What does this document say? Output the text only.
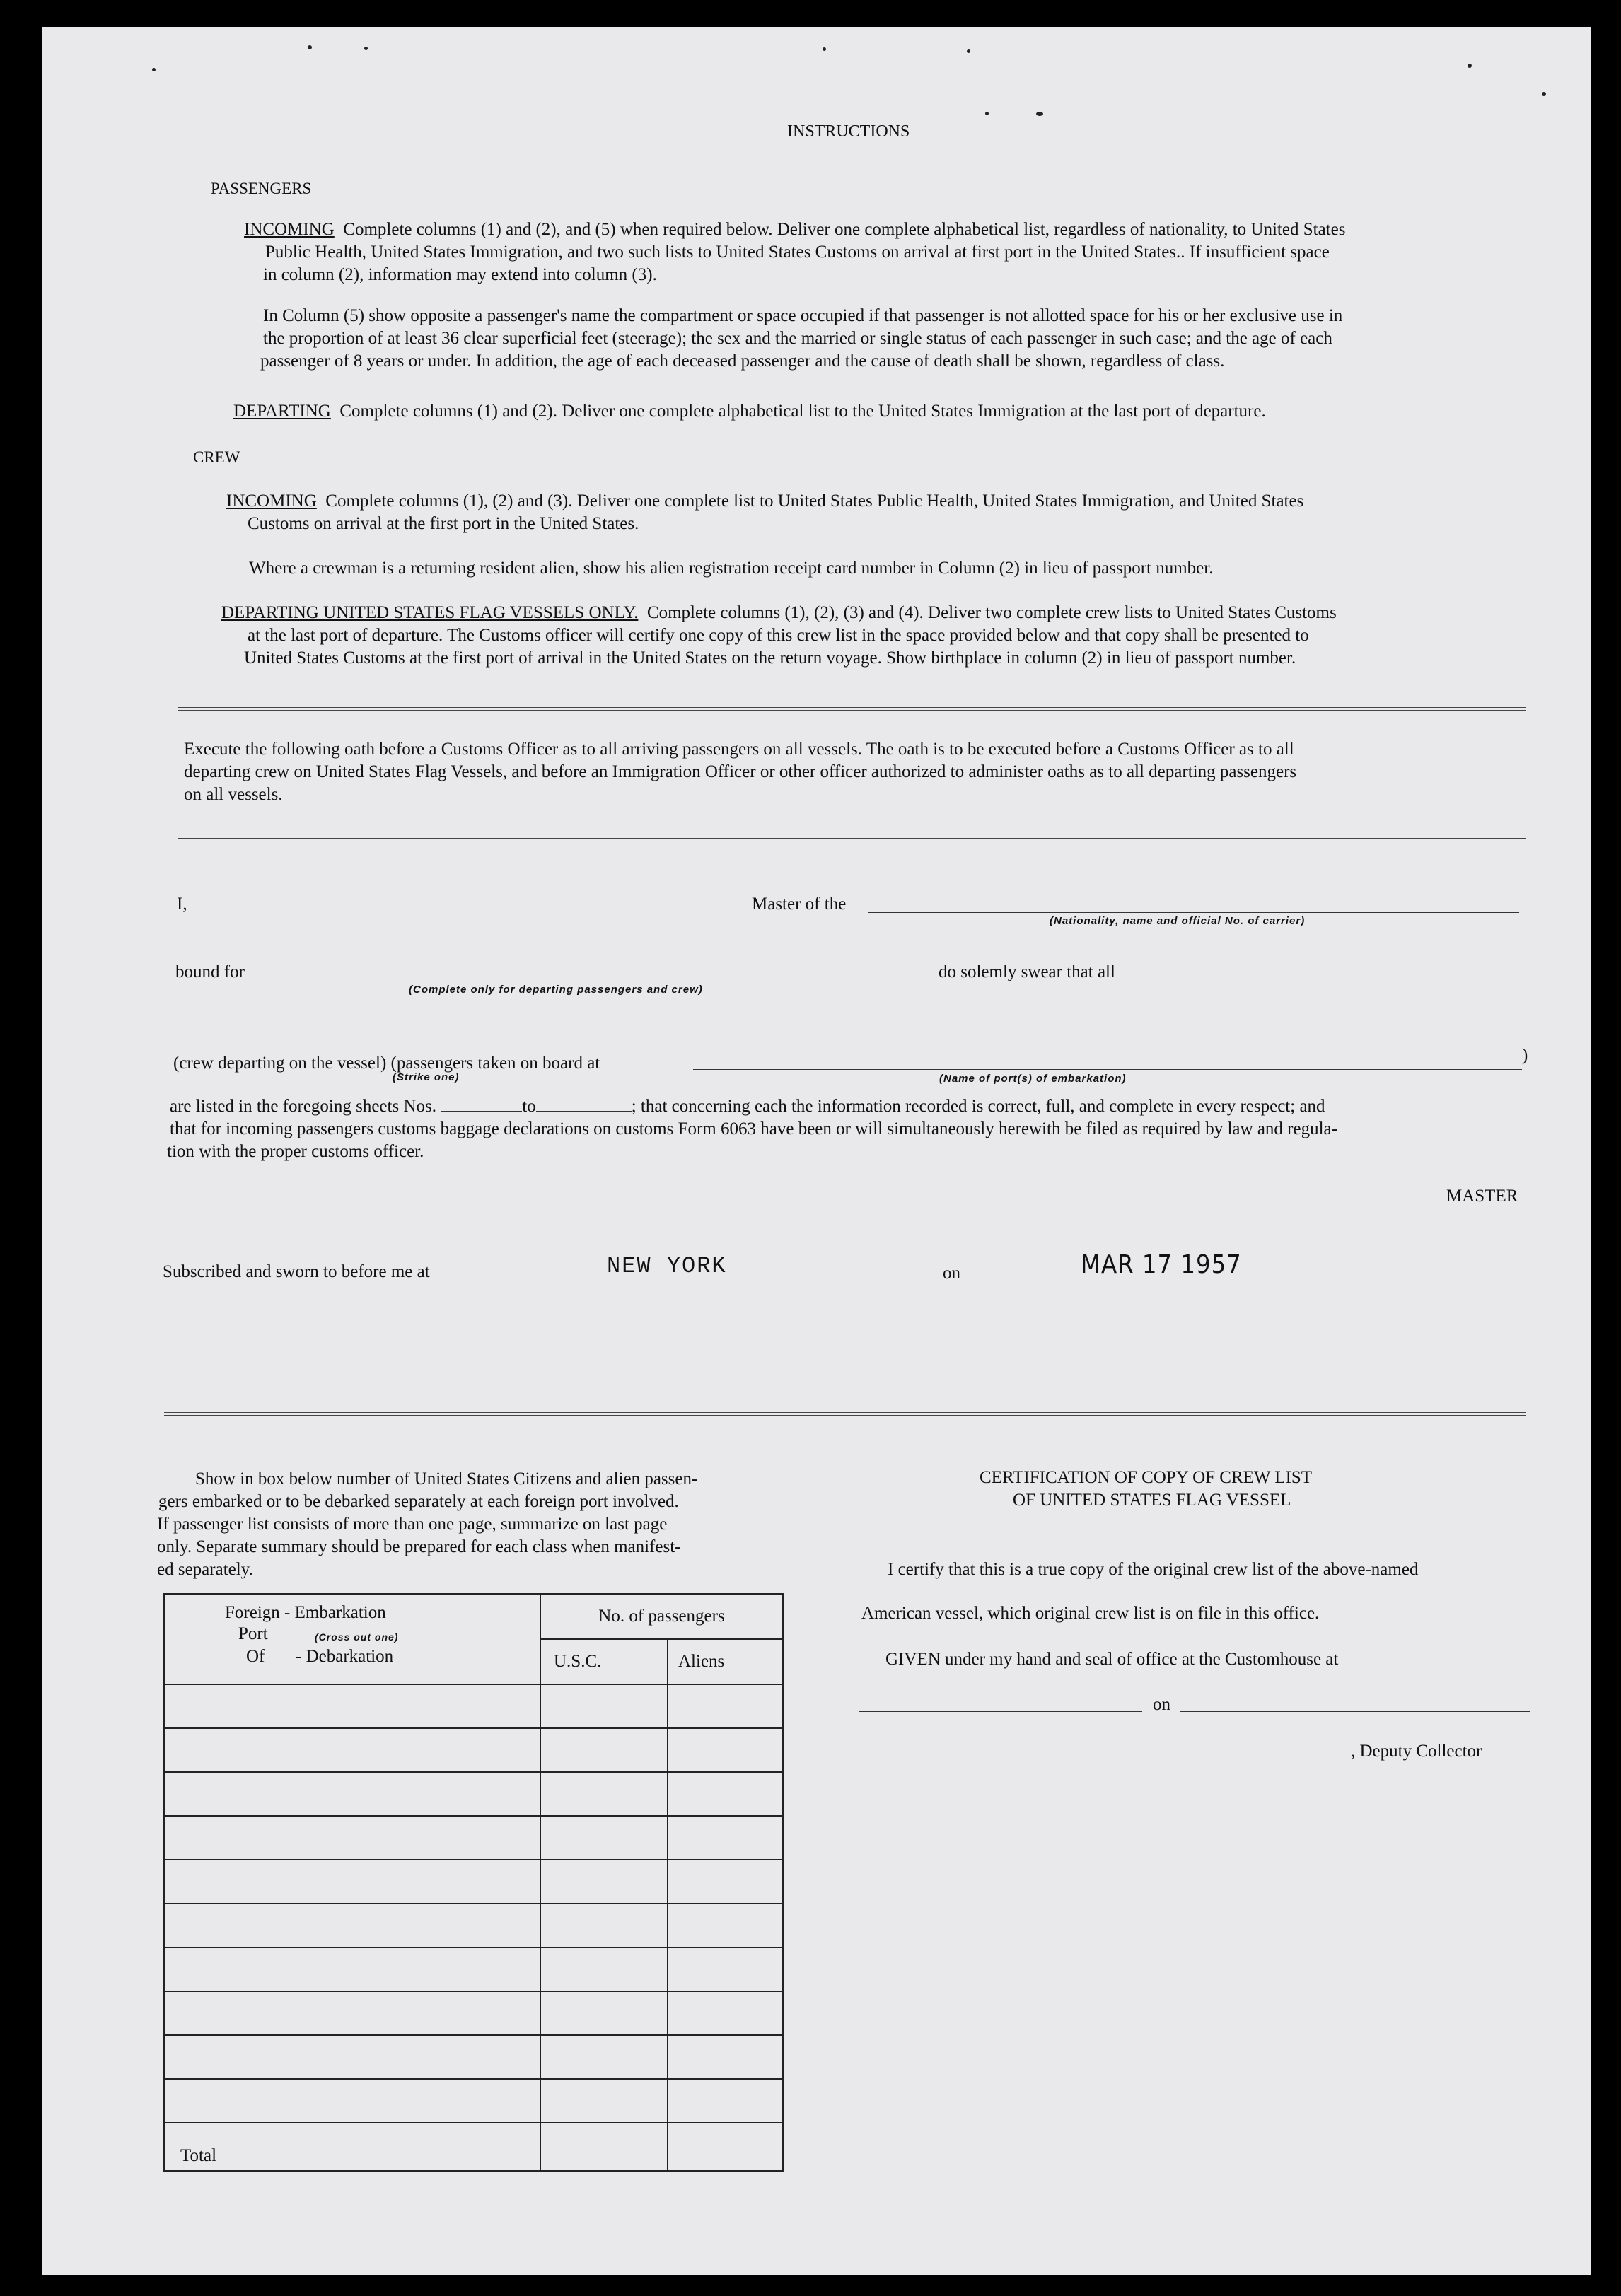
INSTRUCTIONS
PASSENGERS
INCOMING Complete columns (1) and (2), and (5) when required below. Deliver one complete alphabetical list, regardless of nationality, to United States
Public Health, United States Immigration, and two such lists to United States Customs on arrival at first port in the United States.. If insufficient space
in column (2), information may extend into column (3).
In Column (5) show opposite a passenger's name the compartment or space occupied if that passenger is not allotted space for his or her exclusive use in
the proportion of at least 36 clear superficial feet (steerage); the sex and the married or single status of each passenger in such case; and the age of each
passenger of 8 years or under. In addition, the age of each deceased passenger and the cause of death shall be shown, regardless of class.
DEPARTING Complete columns (1) and (2). Deliver one complete alphabetical list to the United States Immigration at the last port of departure.
CREW
INCOMING Complete columns (1), (2) and (3). Deliver one complete list to United States Public Health, United States Immigration, and United States
Customs on arrival at the first port in the United States.
Where a crewman is a returning resident alien, show his alien registration receipt card number in Column (2) in lieu of passport number.
DEPARTING UNITED STATES FLAG VESSELS ONLY. Complete columns (1), (2), (3) and (4). Deliver two complete crew lists to United States Customs
at the last port of departure. The Customs officer will certify one copy of this crew list in the space provided below and that copy shall be presented to
United States Customs at the first port of arrival in the United States on the return voyage. Show birthplace in column (2) in lieu of passport number.
Execute the following oath before a Customs Officer as to all arriving passengers on all vessels. The oath is to be executed before a Customs Officer as to all
departing crew on United States Flag Vessels, and before an Immigration Officer or other officer authorized to administer oaths as to all departing passengers
on all vessels.
I,	Master of the
(Nationality, name and official No. of carrier)
bound for	do solemly swear that all
(Complete only for departing passengers and crew)
(crew departing on the vessel) (passengers taken on board at
(Strike one)
)
(Name of port(s) of embarkation)
are listed in the foregoing sheets Nos.	to	; that concerning each the information recorded is correct, full, and complete in every respect; and
that for incoming passengers customs baggage declarations on customs Form 6063 have been or will simultaneously herewith be filed as required by law and regula-
tion with the proper customs officer.
MASTER
Subscribed and sworn to before me at	NEW YORK	on	MAR 17 1957
Show in box below number of United States Citizens and alien passen-
gers embarked or to be debarked separately at each foreign port involved.
If passenger list consists of more than one page, summarize on last page
only. Separate summary should be prepared for each class when manifest-
ed separately.
Foreign - Embarkation
Port (Cross out one)
Of - Debarkation	No. of passengers	
	U.S.C.	Aliens

Total		
CERTIFICATION OF COPY OF CREW LIST
OF UNITED STATES FLAG VESSEL
I certify that this is a true copy of the original crew list of the above-named
American vessel, which original crew list is on file in this office.
GIVEN under my hand and seal of office at the Customhouse at
on
, Deputy Collector
